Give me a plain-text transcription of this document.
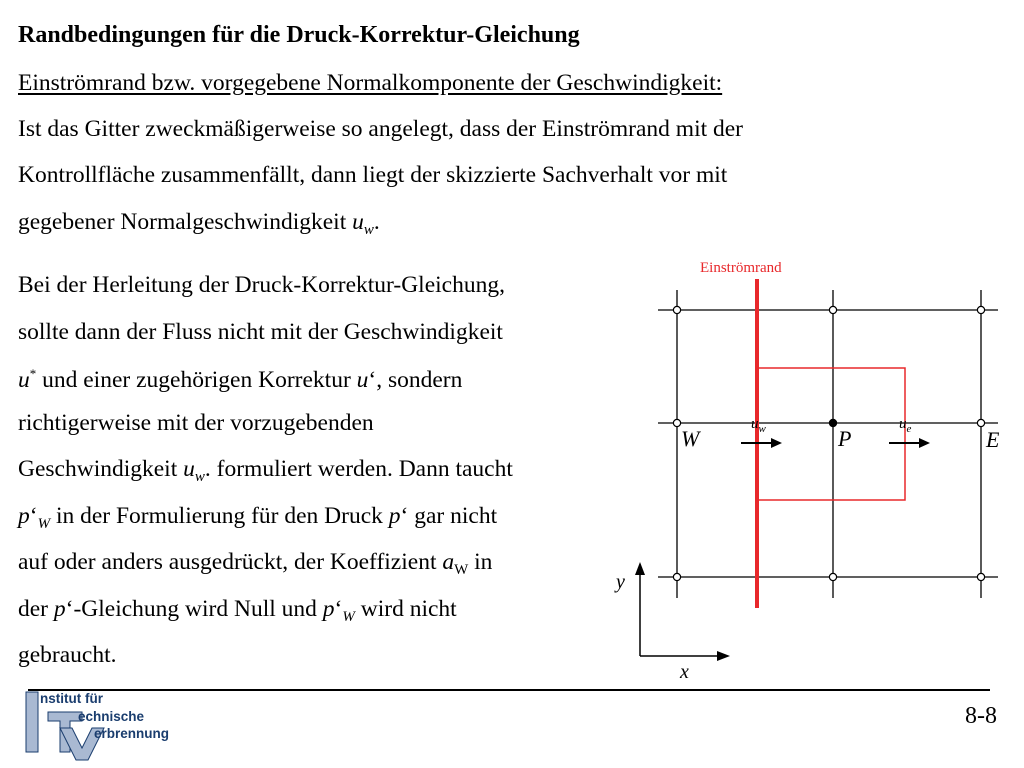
Randbedingungen für die Druck-Korrektur-Gleichung
Einströmrand bzw. vorgegebene Normalkomponente der Geschwindigkeit:
Ist das Gitter zweckmäßigerweise so angelegt, dass der Einströmrand mit der
Kontrollfläche zusammenfällt, dann liegt der skizzierte Sachverhalt vor mit
gegebener Normalgeschwindigkeit $u_w$.
Bei der Herleitung der Druck-Korrektur-Gleichung,
sollte dann der Fluss nicht mit der Geschwindigkeit
u* und einer zugehörigen Korrektur u‘, sondern
richtigerweise mit der vorzugebenden
Geschwindigkeit $u_w$. formuliert werden. Dann taucht
$p‘_W$ in der Formulierung für den Druck p‘ gar nicht
auf oder anders ausgedrückt, der Koeffizient $a_W$ in
der p‘-Gleichung wird Null und $p‘_W$ wird nicht
gebraucht.
Einströmrand
W	P	E
$u_w$	$u_e$
y
x
8-8
nstitut für
echnische
erbrennung
